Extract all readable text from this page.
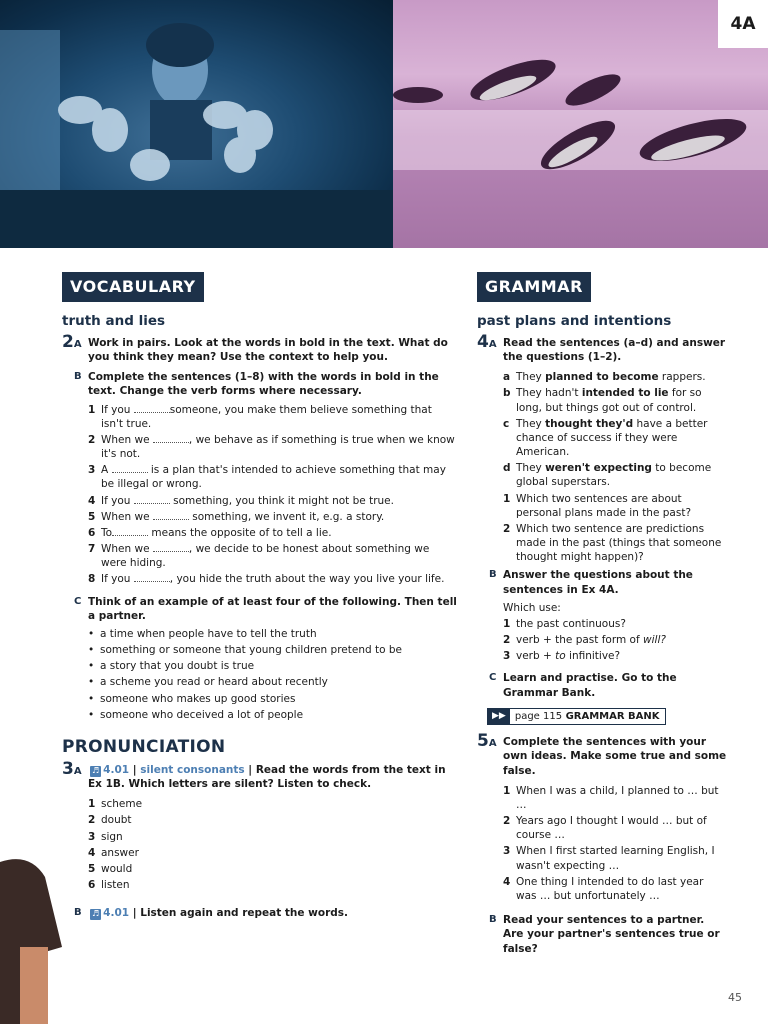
4A
VOCABULARY
truth and lies
2A Work in pairs. Look at the words in bold in the text. What do you think they mean? Use the context to help you.
B Complete the sentences (1–8) with the words in bold in the text. Change the verb forms where necessary.
1 If you	someone, you make them believe something that isn't true.
2 When we	, we behave as if something is true when we know it's not.
3 A	is a plan that's intended to achieve something that may be illegal or wrong.
4 If you	something, you think it might not be true.
5 When we	something, we invent it, e.g. a story.
6 To	means the opposite of to tell a lie.
7 When we	, we decide to be honest about something we were hiding.
8 If you	, you hide the truth about the way you live your life.
C Think of an example of at least four of the following. Then tell a partner.
• a time when people have to tell the truth
• something or someone that young children pretend to be
• a story that you doubt is true
• a scheme you read or heard about recently
• someone who makes up good stories
• someone who deceived a lot of people
PRONUNCIATION
3A ♬ 4.01 | silent consonants | Read the words from the text in Ex 1B. Which letters are silent? Listen to check.
1 scheme
2 doubt
3 sign
4 answer
5 would
6 listen
B ♬ 4.01 | Listen again and repeat the words.
GRAMMAR
past plans and intentions
4A Read the sentences (a–d) and answer the questions (1–2).
a They planned to become rappers.
b They hadn't intended to lie for so long, but things got out of control.
c They thought they'd have a better chance of success if they were American.
d They weren't expecting to become global superstars.
1 Which two sentences are about personal plans made in the past?
2 Which two sentence are predictions made in the past (things that someone thought might happen)?
B Answer the questions about the sentences in Ex 4A.
Which use:
1 the past continuous?
2 verb + the past form of will?
3 verb + to infinitive?
C Learn and practise. Go to the Grammar Bank.
▶▶ page 115 GRAMMAR BANK
5A Complete the sentences with your own ideas. Make some true and some false.
1 When I was a child, I planned to … but …
2 Years ago I thought I would … but of course …
3 When I first started learning English, I wasn't expecting …
4 One thing I intended to do last year was … but unfortunately …
B Read your sentences to a partner. Are your partner's sentences true or false?
45
